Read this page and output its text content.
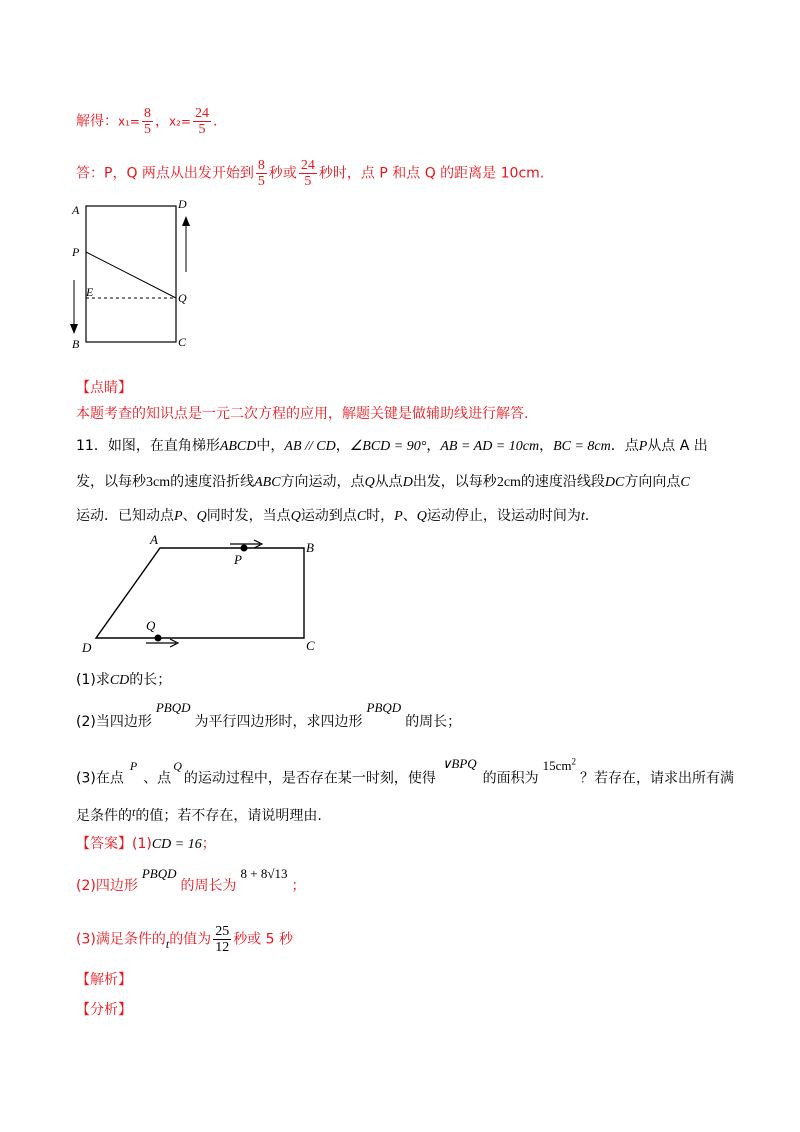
解得：$x_1= \frac{8}{5}$ ，$x_2= \frac{24}{5}$ .
答：P，Q 两点从出发开始到 $\frac{8}{5}$ 秒或 $\frac{24}{5}$ 秒时，点 P 和点 Q 的距离是 10cm.
A	D
P
E	Q
B	C
【点睛】
本题考查的知识点是一元二次方程的应用，解题关键是做辅助线进行解答.
11．如图，在直角梯形ABCD中，AB // CD，∠BCD = 90°，AB = AD = 10cm，BC = 8cm．点P从点 A 出
发，以每秒3cm的速度沿折线ABC方向运动，点Q从点D出发，以每秒2cm的速度沿线段DC方向向点C
运动．已知动点P、Q同时发，当点Q运动到点C时，P、Q运动停止，设运动时间为t.
A
B
P
Q
D	C
(1)求CD的长；
(2)当四边形PBQD为平行四边形时，求四边形PBQD的周长；
(3)在点P、点Q的运动过程中，是否存在某一时刻，使得∨BPQ的面积为$15cm^2$？若存在，请求出所有满
足条件的t的值；若不存在，请说明理由.
【答案】(1)CD = 16；
(2)四边形PBQD的周长为8 + 8√13；
(3)满足条件的t的值为 $\frac{25}{12}$ 秒或 5 秒
【解析】
【分析】
